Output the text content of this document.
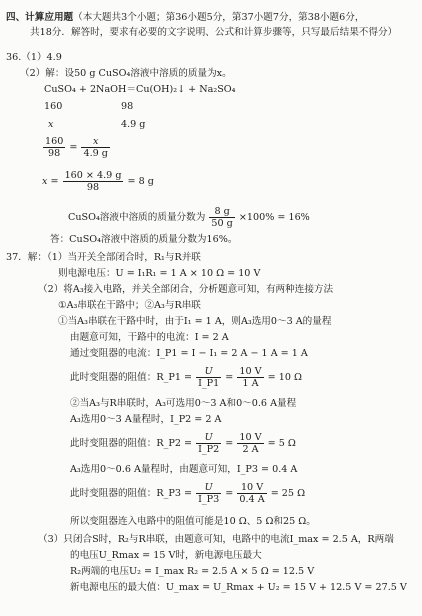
四、计算应用题（本大题共3个小题；第36小题5分，第37小题7分，第38小题6分，
共18分．解答时，要求有必要的文字说明、公式和计算步骤等，只写最后结果不得分）
36.（1）4.9
（2）解：设50 g CuSO₄溶液中溶质的质量为x。
CuSO₄ + 2NaOH＝Cu(OH)₂↓ + Na₂SO₄
160	98
x	4.9 g
$\frac{160}{98} = \frac{x}{4.9 g}$
$x = \frac{160 \times 4.9 g}{98} = 8$ g
CuSO₄溶液中溶质的质量分数为 $\frac{8 g}{50 g} \times 100\% = 16\%$
答：CuSO₄溶液中溶质的质量分数为16%。
37．解：（1）当开关全部闭合时，R₁与R并联
则电源电压：U = I₁R₁ = 1 A × 10 Ω = 10 V
（2）将A₃接入电路，并关全部闭合，分析题意可知，有两种连接方法
①A₃串联在干路中；②A₃与R串联
①当A₃串联在干路中时，由于I₁ = 1 A，则A₃选用0～3 A的量程
由题意可知，干路中的电流：I = 2 A
通过变阻器的电流：I_P1 = I − I₁ = 2 A − 1 A = 1 A
此时变阻器的阻值：R_P1 = $\frac{U}{I\_P1} = \frac{10 V}{1 A} = 10$ Ω
②当A₃与R串联时，A₃可选用0～3 A和0～0.6 A量程
A₃选用0～3 A量程时，I_P2 = 2 A
此时变阻器的阻值：R_P2 = $\frac{U}{I\_P2} = \frac{10 V}{2 A} = 5$ Ω
A₃选用0～0.6 A量程时，由题意可知，I_P3 = 0.4 A
此时变阻器的阻值：R_P3 = $\frac{U}{I\_P3} = \frac{10 V}{0.4 A} = 25$ Ω
所以变阻器连入电路中的阻值可能是10 Ω、5 Ω和25 Ω。
（3）只闭合S时，R₂与R串联，由题意可知，电路中的电流I_max = 2.5 A，R两端
的电压U_Rmax = 15 V时，新电源电压最大
R₂两端的电压U₂ = I_max R₂ = 2.5 A × 5 Ω = 12.5 V
新电源电压的最大值：U_max = U_Rmax + U₂ = 15 V + 12.5 V = 27.5 V
